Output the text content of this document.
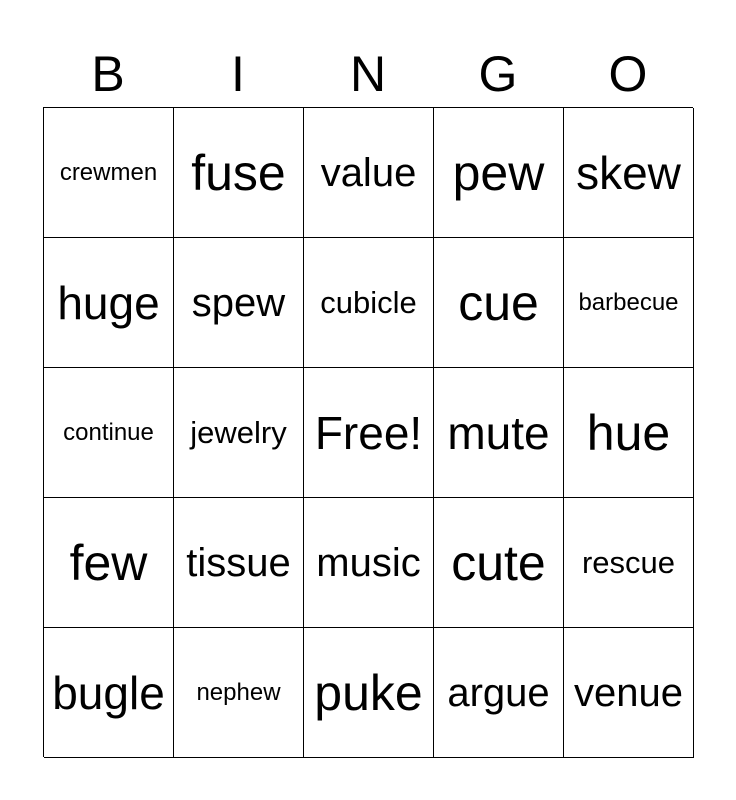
B	I	N	G	O
crewmen fuse value pew skew
huge spew	cubicle cue	barbecue
continue	jewelry Free! mute hue
few tissue music cute	rescue
bugle	nephew puke argue venue
